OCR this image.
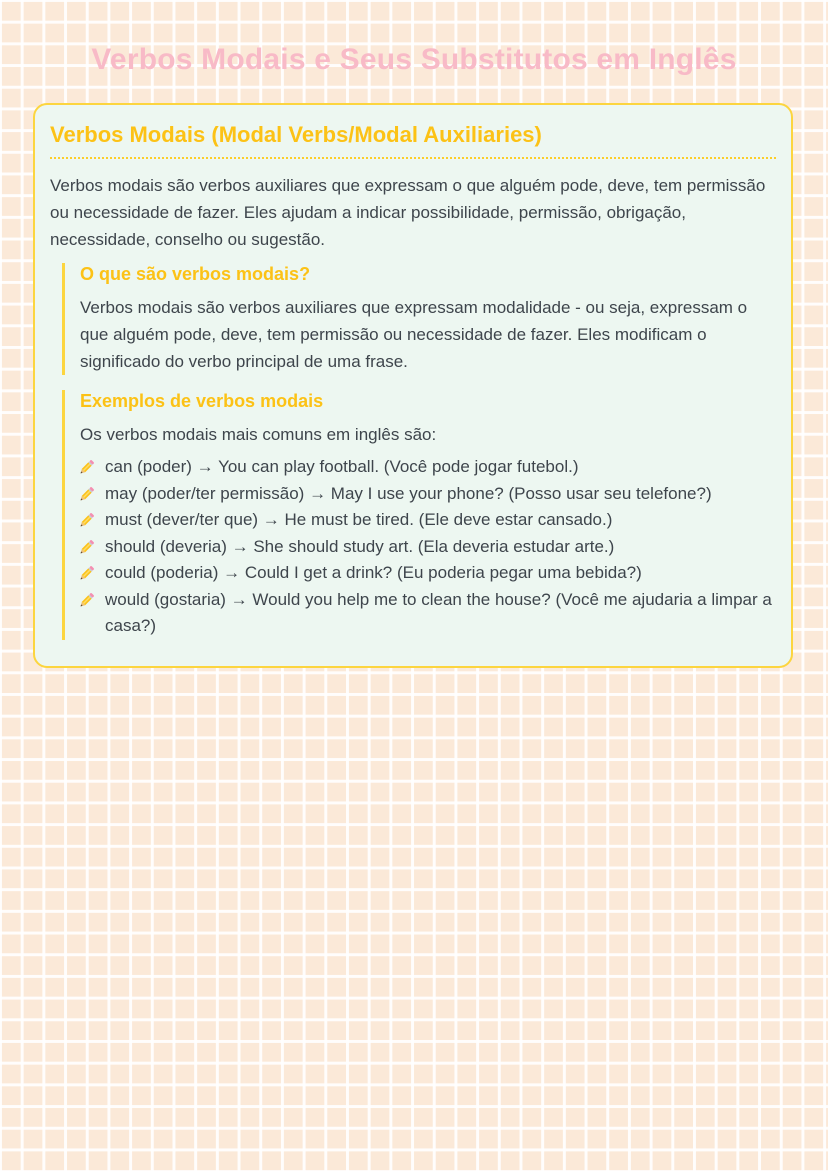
Verbos Modais e Seus Substitutos em Inglês
Verbos Modais (Modal Verbs/Modal Auxiliaries)

Verbos modais são verbos auxiliares que expressam o que alguém pode, deve, tem permissão ou necessidade de fazer. Eles ajudam a indicar possibilidade, permissão, obrigação, necessidade, conselho ou sugestão.

O que são verbos modais?

Verbos modais são verbos auxiliares que expressam modalidade - ou seja, expressam o que alguém pode, deve, tem permissão ou necessidade de fazer. Eles modificam o significado do verbo principal de uma frase.

Exemplos de verbos modais

Os verbos modais mais comuns em inglês são:

can (poder) → You can play football. (Você pode jogar futebol.)
may (poder/ter permissão) → May I use your phone? (Posso usar seu telefone?)
must (dever/ter que) → He must be tired. (Ele deve estar cansado.)
should (deveria) → She should study art. (Ela deveria estudar arte.)
could (poderia) → Could I get a drink? (Eu poderia pegar uma bebida?)
would (gostaria) → Would you help me to clean the house? (Você me ajudaria a limpar a casa?)
